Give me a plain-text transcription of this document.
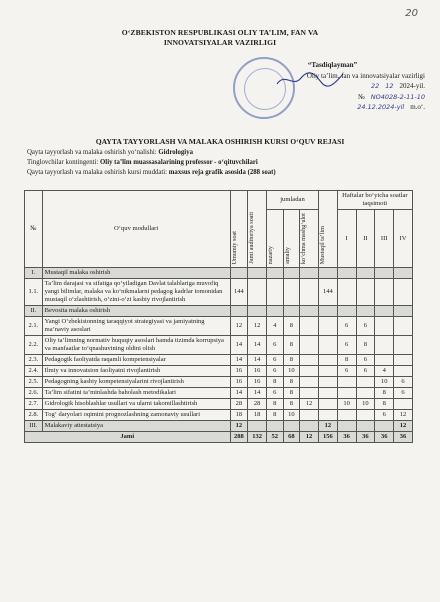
20
O‘ZBEKISTON RESPUBLIKASI OLIY TA’LIM, FAN VA
INNOVATSIYALAR VAZIRLIGI
“Tasdiqlayman”
Oliy ta’lim, fan va innovatsiyalar vazirligi
22 12 2024-yil.
№ NO4028-2-11-10
24.12.2024-yil m.o‘.
QAYTA TAYYORLASH VA MALAKA OSHIRISH KURSI O‘QUV REJASI
Qayta tayyorlash va malaka oshirish yo‘nalishi: Gidrologiya
Tinglovchilar kontingenti: Oliy ta’lim muassasalarining professor - o‘qituvchilari
Qayta tayyorlash va malaka oshirish kursi muddati: maxsus reja grafik asosida (288 soat)
№	O‘quv modullari	Umumiy soat	Jami auditoriya soati	jumladan			Mustaqil ta’lim	Haftalar bo‘yicha soatlar taqsimoti			

				nazariy	amaliy	ko‘chma mashg‘ulot		I	II	III	IV
I.	Mustaqil malaka oshirish										
1.1.	Ta’lim darajasi va sifatiga qo‘yiladigan Davlat talablariga muvofiq yangi bilimlar, malaka va ko‘nikmalarni pedagog kadrlar tomonidan mustaqil o‘zlashtirish, o‘zini-o‘zi kasbiy rivojlantirish	144					144				
II.	Bevosita malaka oshirish										
2.1.	Yangi O‘zbekistonning taraqqiyot strategiyasi va jamiyatning ma’naviy asoslari	12	12	4	8			6	6		
2.2.	Oliy ta’limning normativ huquqiy asoslari hamda tizimda korrupsiya va manfaatlar to‘qnashuvining oldini olish	14	14	6	8			6	8		
2.3.	Pedagogik faoliyatda raqamli kompetensiyalar	14	14	6	8			8	6		
2.4.	Ilmiy va innovatsion faoliyatni rivojlantirish	16	16	6	10			6	6	4	
2.5.	Pedagogning kasbiy kompetensiyalarini rivojlantirish	16	16	8	8					10	6
2.6.	Ta’lim sifatini ta’minlashda baholash metodikalari	14	14	6	8					8	6
2.7.	Gidrologik hisoblashlar usullari va ularni takomillashtirish	28	28	8	8	12		10	10	8	
2.8.	Tog‘ daryolari oqimini prognozlashning zamonaviy usullari	18	18	8	10					6	12
III.	Malakaviy attestatsiya	12					12				12
Jami		288	132	52	68	12	156	36	36	36	36
